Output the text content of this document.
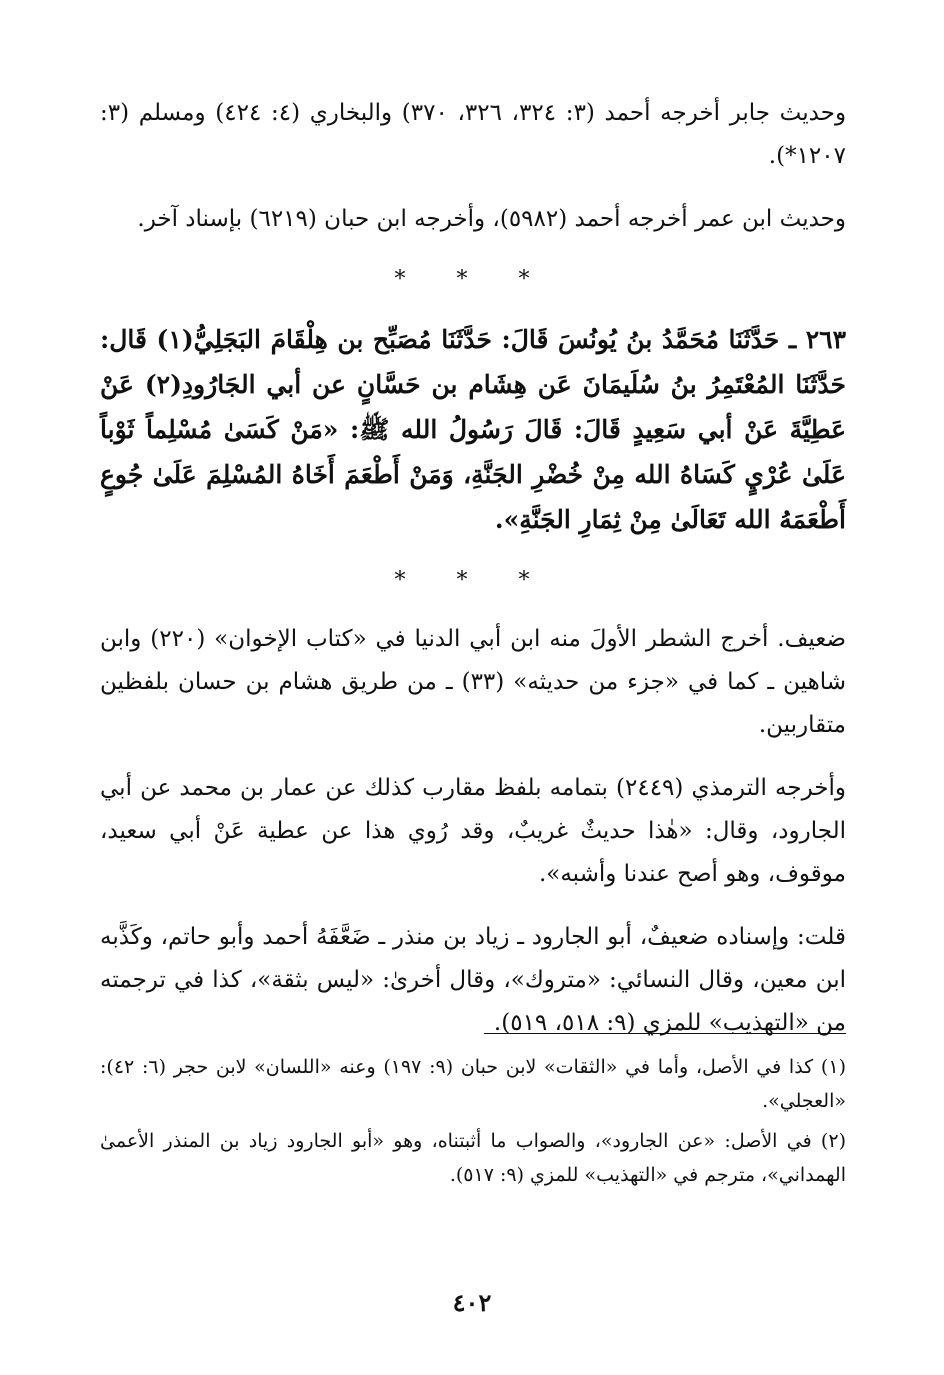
وحديث جابر أخرجه أحمد (٣: ٣٢٤، ٣٢٦، ٣٧٠) والبخاري (٤: ٤٢٤) ومسلم (٣: ١٢٠٧*).

وحديث ابن عمر أخرجه أحمد (٥٩٨٢)، وأخرجه ابن حبان (٦٢١٩) بإسناد آخر.

* * *

٢٦٣ ـ حَدَّثَنَا مُحَمَّدُ بنُ يُونُسَ قَالَ: حَدَّثَنَا مُصَبِّح بن هِلْقَامَ البَجَلِيُّ(١) قَال: حَدَّثَنَا المُعْتَمِرُ بنُ سُلَيمَانَ عَن هِشَام بن حَسَّانٍ عن أبي الجَارُودِ(٢) عَنْ عَطِيَّةَ عَنْ أبي سَعِيدٍ قَالَ: قَالَ رَسُولُ الله ﷺ: «مَنْ كَسَىٰ مُسْلِماً ثَوْباً عَلَىٰ عُرْيٍ كَسَاهُ الله مِنْ خُضْرِ الجَنَّةِ، وَمَنْ أَطْعَمَ أَخَاهُ المُسْلِمَ عَلَىٰ جُوعٍ أَطْعَمَهُ الله تَعَالَىٰ مِنْ ثِمَارِ الجَنَّةِ».

* * *

ضعيف. أخرج الشطر الأولَ منه ابن أبي الدنيا في «كتاب الإخوان» (٢٢٠) وابن شاهين ـ كما في «جزء من حديثه» (٣٣) ـ من طريق هشام بن حسان بلفظين متقاربين.

وأخرجه الترمذي (٢٤٤٩) بتمامه بلفظ مقارب كذلك عن عمار بن محمد عن أبي الجارود، وقال: «هٰذا حديثٌ غريبٌ، وقد رُوي هذا عن عطية عَنْ أبي سعيد، موقوف، وهو أصح عندنا وأشبه».

قلت: وإسناده ضعيفٌ، أبو الجارود ـ زياد بن منذر ـ ضَعَّفَهُ أحمد وأبو حاتم، وكَذَّبه ابن معين، وقال النسائي: «متروك»، وقال أخرىٰ: «ليس بثقة»، كذا في ترجمته من «التهذيب» للمزي (٩: ٥١٨، ٥١٩).

(١) كذا في الأصل، وأما في «الثقات» لابن حبان (٩: ١٩٧) وعنه «اللسان» لابن حجر (٦: ٤٢): «العجلي».

(٢) في الأصل: «عن الجارود»، والصواب ما أثبتناه، وهو «أبو الجارود زياد بن المنذر الأعمىٰ الهمداني»، مترجم في «التهذيب» للمزي (٩: ٥١٧).

٤٠٢
